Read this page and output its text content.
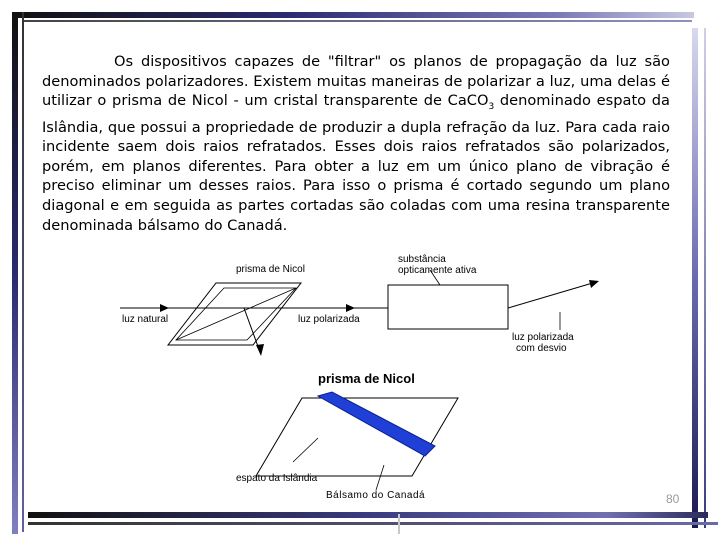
Os dispositivos capazes de "filtrar" os planos de propagação da luz são denominados polarizadores. Existem muitas maneiras de polarizar a luz, uma delas é utilizar o prisma de Nicol - um cristal transparente de CaCO$_3$ denominado espato da Islândia, que possui a propriedade de produzir a dupla refração da luz. Para cada raio incidente saem dois raios refratados. Esses dois raios refratados são polarizados, porém, em planos diferentes. Para obter a luz em um único plano de vibração é preciso eliminar um desses raios. Para isso o prisma é cortado segundo um plano diagonal e em seguida as partes cortadas são coladas com uma resina transparente denominada bálsamo do Canadá.

prisma de Nicol
substância
opticamente ativa
luz natural	luz polarizada
luz polarizada
com desvio
prisma de Nicol
espato da Islândia
Bálsamo do Canadá	80
